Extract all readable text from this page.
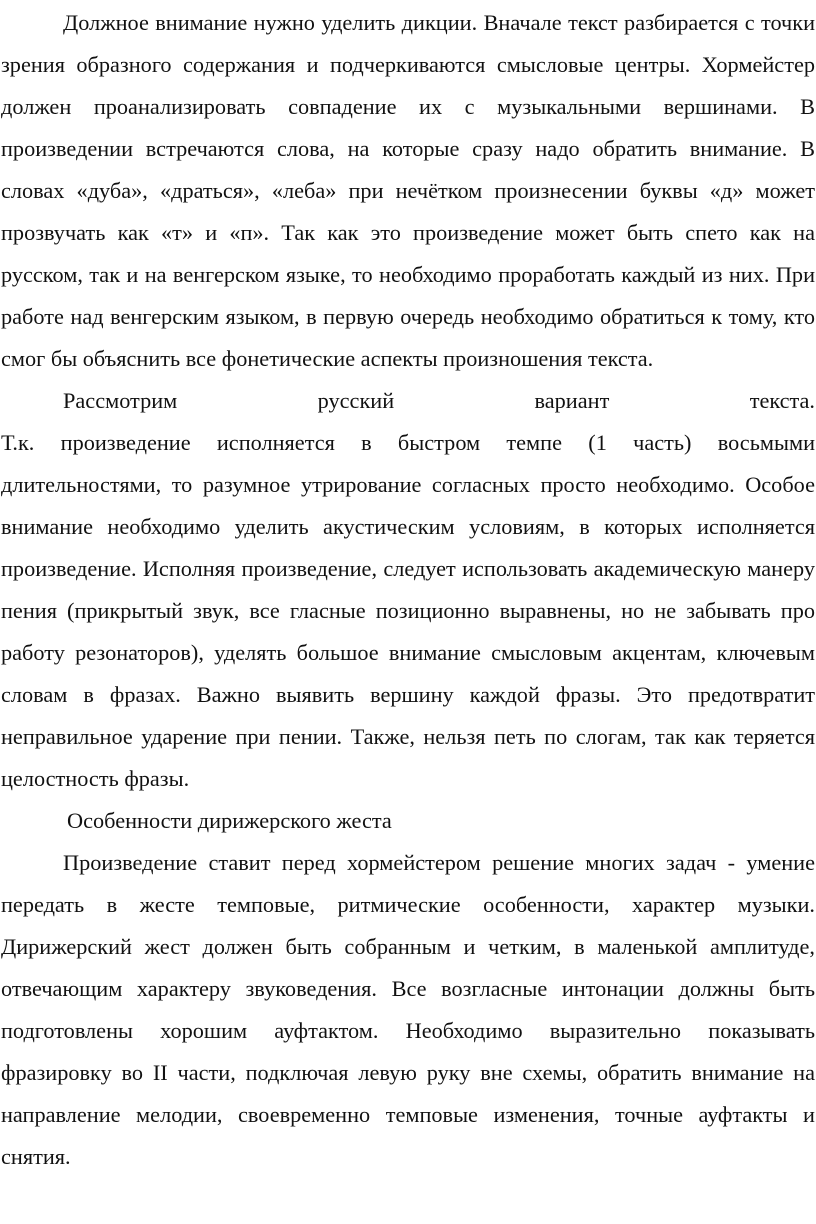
Должное внимание нужно уделить дикции. Вначале текст разбирается с точки зрения образного содержания и подчеркиваются смысловые центры. Хормейстер должен проанализировать совпадение их с музыкальными вершинами. В произведении встречаются слова, на которые сразу надо обратить внимание. В словах «дуба», «драться», «леба» при нечётком произнесении буквы «д» может прозвучать как «т» и «п». Так как это произведение может быть спето как на русском, так и на венгерском языке, то необходимо проработать каждый из них. При работе над венгерским языком, в первую очередь необходимо обратиться к тому, кто смог бы объяснить все фонетические аспекты произношения текста.

Рассмотрим русский вариант текста.

Т.к. произведение исполняется в быстром темпе (1 часть) восьмыми длительностями, то разумное утрирование согласных просто необходимо. Особое внимание необходимо уделить акустическим условиям, в которых исполняется произведение. Исполняя произведение, следует использовать академическую манеру пения (прикрытый звук, все гласные позиционно выравнены, но не забывать про работу резонаторов), уделять большое внимание смысловым акцентам, ключевым словам в фразах. Важно выявить вершину каждой фразы. Это предотвратит неправильное ударение при пении. Также, нельзя петь по слогам, так как теряется целостность фразы.

Особенности дирижерского жеста

Произведение ставит перед хормейстером решение многих задач - умение передать в жесте темповые, ритмические особенности, характер музыки. Дирижерский жест должен быть собранным и четким, в маленькой амплитуде, отвечающим характеру звуковедения. Все возгласные интонации должны быть подготовлены хорошим ауфтактом. Необходимо выразительно показывать фразировку во II части, подключая левую руку вне схемы, обратить внимание на направление мелодии, своевременно темповые изменения, точные ауфтакты и снятия.
